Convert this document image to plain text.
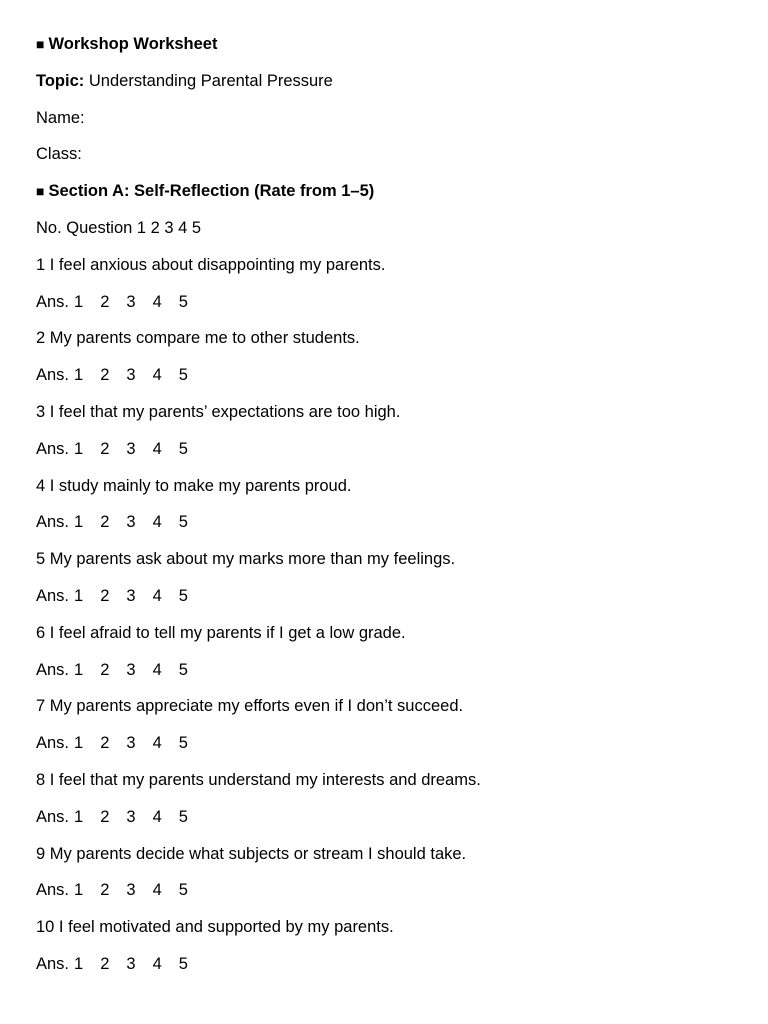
■ Workshop Worksheet
Topic: Understanding Parental Pressure
Name:
Class:
■ Section A: Self-Reflection (Rate from 1–5)
No. Question 1 2 3 4 5
1 I feel anxious about disappointing my parents.
Ans. 1 2 3 4 5
2 My parents compare me to other students.
Ans. 1 2 3 4 5
3 I feel that my parents’ expectations are too high.
Ans. 1 2 3 4 5
4 I study mainly to make my parents proud.
Ans. 1 2 3 4 5
5 My parents ask about my marks more than my feelings.
Ans. 1 2 3 4 5
6 I feel afraid to tell my parents if I get a low grade.
Ans. 1 2 3 4 5
7 My parents appreciate my efforts even if I don’t succeed.
Ans. 1 2 3 4 5
8 I feel that my parents understand my interests and dreams.
Ans. 1 2 3 4 5
9 My parents decide what subjects or stream I should take.
Ans. 1 2 3 4 5
10 I feel motivated and supported by my parents.
Ans. 1 2 3 4 5
